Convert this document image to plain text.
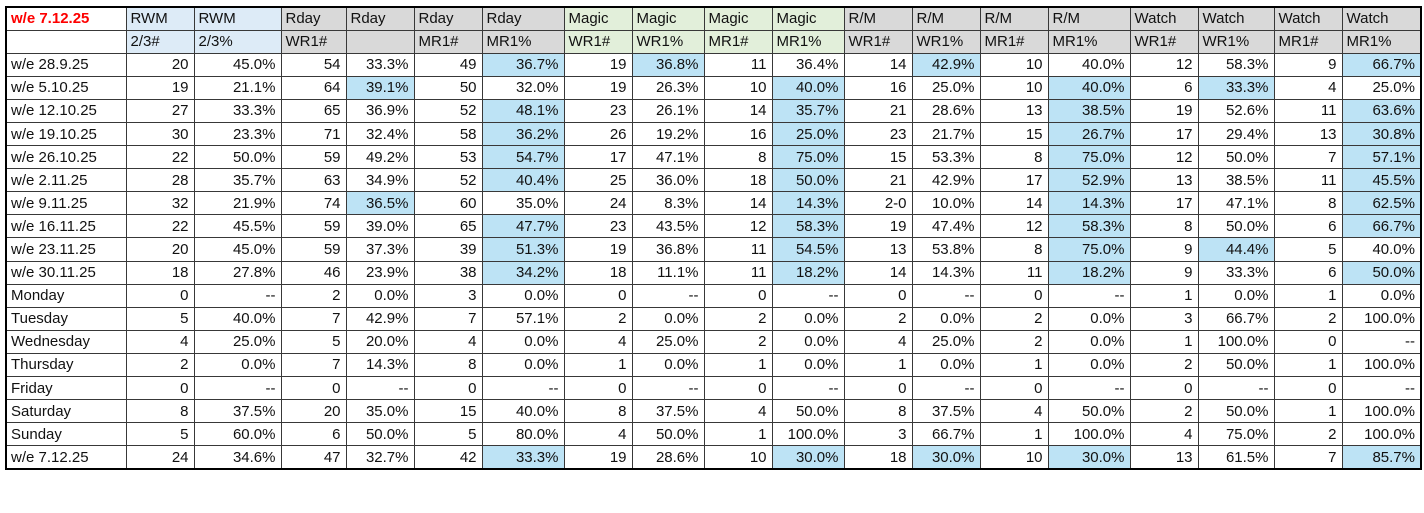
w/e 7.12.25	RWM	RWM	Rday	Rday	Rday	Rday	Magic	Magic	Magic	Magic	R/M	R/M	R/M	R/M	Watch	Watch	Watch	Watch
	2/3#	2/3%	WR1#		MR1#	MR1%	WR1#	WR1%	MR1#	MR1%	WR1#	WR1%	MR1#	MR1%	WR1#	WR1%	MR1#	MR1%
w/e 28.9.25	20	45.0%	54	33.3%	49	36.7%	19	36.8%	11	36.4%	14	42.9%	10	40.0%	12	58.3%	9	66.7%
w/e 5.10.25	19	21.1%	64	39.1%	50	32.0%	19	26.3%	10	40.0%	16	25.0%	10	40.0%	6	33.3%	4	25.0%
w/e 12.10.25	27	33.3%	65	36.9%	52	48.1%	23	26.1%	14	35.7%	21	28.6%	13	38.5%	19	52.6%	11	63.6%
w/e 19.10.25	30	23.3%	71	32.4%	58	36.2%	26	19.2%	16	25.0%	23	21.7%	15	26.7%	17	29.4%	13	30.8%
w/e 26.10.25	22	50.0%	59	49.2%	53	54.7%	17	47.1%	8	75.0%	15	53.3%	8	75.0%	12	50.0%	7	57.1%
w/e 2.11.25	28	35.7%	63	34.9%	52	40.4%	25	36.0%	18	50.0%	21	42.9%	17	52.9%	13	38.5%	11	45.5%
w/e 9.11.25	32	21.9%	74	36.5%	60	35.0%	24	8.3%	14	14.3%	2-0	10.0%	14	14.3%	17	47.1%	8	62.5%
w/e 16.11.25	22	45.5%	59	39.0%	65	47.7%	23	43.5%	12	58.3%	19	47.4%	12	58.3%	8	50.0%	6	66.7%
w/e 23.11.25	20	45.0%	59	37.3%	39	51.3%	19	36.8%	11	54.5%	13	53.8%	8	75.0%	9	44.4%	5	40.0%
w/e 30.11.25	18	27.8%	46	23.9%	38	34.2%	18	11.1%	11	18.2%	14	14.3%	11	18.2%	9	33.3%	6	50.0%
Monday	0	--	2	0.0%	3	0.0%	0	--	0	--	0	--	0	--	1	0.0%	1	0.0%
Tuesday	5	40.0%	7	42.9%	7	57.1%	2	0.0%	2	0.0%	2	0.0%	2	0.0%	3	66.7%	2	100.0%
Wednesday	4	25.0%	5	20.0%	4	0.0%	4	25.0%	2	0.0%	4	25.0%	2	0.0%	1	100.0%	0	--
Thursday	2	0.0%	7	14.3%	8	0.0%	1	0.0%	1	0.0%	1	0.0%	1	0.0%	2	50.0%	1	100.0%
Friday	0	--	0	--	0	--	0	--	0	--	0	--	0	--	0	--	0	--
Saturday	8	37.5%	20	35.0%	15	40.0%	8	37.5%	4	50.0%	8	37.5%	4	50.0%	2	50.0%	1	100.0%
Sunday	5	60.0%	6	50.0%	5	80.0%	4	50.0%	1	100.0%	3	66.7%	1	100.0%	4	75.0%	2	100.0%
w/e 7.12.25	24	34.6%	47	32.7%	42	33.3%	19	28.6%	10	30.0%	18	30.0%	10	30.0%	13	61.5%	7	85.7%
